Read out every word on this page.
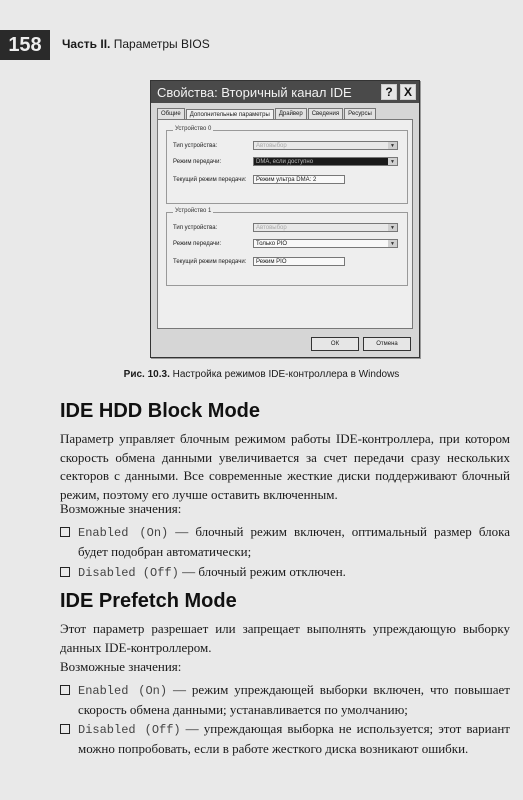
158	Часть II. Параметры BIOS
Свойства: Вторичный канал IDE	? X
Общие	Дополнительные параметры	Драйвер	Сведения	Ресурсы
Устройство 0
Тип устройства:	Автовыбор	▼
Режим передачи:	DMA, если доступно	▼
Текущий режим передачи:	Режим ультра DMA: 2
Устройство 1
Тип устройства:	Автовыбор	▼
Режим передачи:	Только PIO	▼
Текущий режим передачи:	Режим PIO
ОК	Отмена
Рис. 10.3. Настройка режимов IDE-контроллера в Windows
IDE HDD Block Mode

Параметр управляет блочным режимом работы IDE-контроллера, при котором скорость обмена данными увеличивается за счет передачи сразу нескольких секторов с данными. Все современные жесткие диски поддерживают блочный режим, поэтому его лучше оставить включенным.

Возможные значения:

Enabled (On) — блочный режим включен, оптимальный размер блока будет подобран автоматически;
Disabled (Off) — блочный режим отключен.
IDE Prefetch Mode

Этот параметр разрешает или запрещает выполнять упреждающую выборку данных IDE-контроллером.

Возможные значения:

Enabled (On) — режим упреждающей выборки включен, что повышает скорость обмена данными; устанавливается по умолчанию;
Disabled (Off) — упреждающая выборка не используется; этот вариант можно попробовать, если в работе жесткого диска возникают ошибки.
